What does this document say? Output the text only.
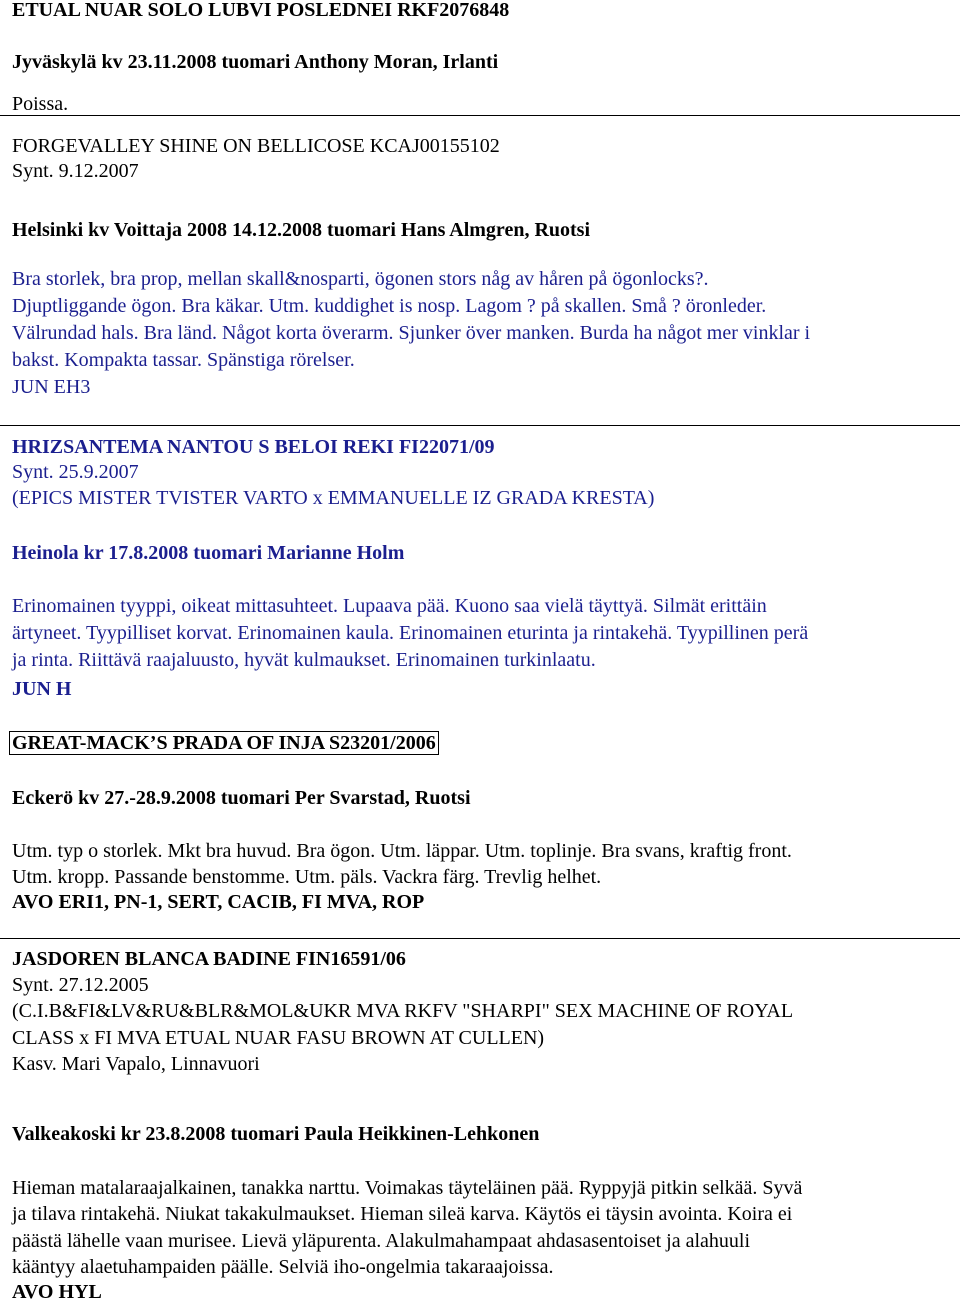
ETUAL NUAR SOLO LUBVI POSLEDNEI RKF2076848

Jyväskylä kv 23.11.2008 tuomari Anthony Moran, Irlanti

Poissa.

FORGEVALLEY SHINE ON BELLICOSE KCAJ00155102

Synt. 9.12.2007

Helsinki kv Voittaja 2008 14.12.2008 tuomari Hans Almgren, Ruotsi

Bra storlek, bra prop, mellan skall&nosparti, ögonen stors någ av håren på ögonlocks?.

Djuptliggande ögon. Bra käkar. Utm. kuddighet is nosp. Lagom ? på skallen. Små ? öronleder.

Välrundad hals. Bra länd. Något korta överarm. Sjunker över manken. Burda ha något mer vinklar i

bakst. Kompakta tassar. Spänstiga rörelser.

JUN EH3

HRIZSANTEMA NANTOU S BELOI REKI FI22071/09

Synt. 25.9.2007

(EPICS MISTER TVISTER VARTO x EMMANUELLE IZ GRADA KRESTA)

Heinola kr 17.8.2008 tuomari Marianne Holm

Erinomainen tyyppi, oikeat mittasuhteet. Lupaava pää. Kuono saa vielä täyttyä. Silmät erittäin

ärtyneet. Tyypilliset korvat. Erinomainen kaula. Erinomainen eturinta ja rintakehä. Tyypillinen perä

ja rinta. Riittävä raajaluusto, hyvät kulmaukset. Erinomainen turkinlaatu.

JUN H

GREAT-MACK’S PRADA OF INJA S23201/2006

Eckerö kv 27.-28.9.2008 tuomari Per Svarstad, Ruotsi

Utm. typ o storlek. Mkt bra huvud. Bra ögon. Utm. läppar. Utm. toplinje. Bra svans, kraftig front.

Utm. kropp. Passande benstomme. Utm. päls. Vackra färg. Trevlig helhet.

AVO ERI1, PN-1, SERT, CACIB, FI MVA, ROP

JASDOREN BLANCA BADINE FIN16591/06

Synt. 27.12.2005

(C.I.B&FI&LV&RU&BLR&MOL&UKR MVA RKFV "SHARPI" SEX MACHINE OF ROYAL

CLASS x FI MVA ETUAL NUAR FASU BROWN AT CULLEN)

Kasv. Mari Vapalo, Linnavuori

Valkeakoski kr 23.8.2008 tuomari Paula Heikkinen-Lehkonen

Hieman matalaraajalkainen, tanakka narttu. Voimakas täyteläinen pää. Ryppyjä pitkin selkää. Syvä

ja tilava rintakehä. Niukat takakulmaukset. Hieman sileä karva. Käytös ei täysin avointa. Koira ei

päästä lähelle vaan murisee. Lievä yläpurenta. Alakulmahampaat ahdasasentoiset ja alahuuli

kääntyy alaetuhampaiden päälle. Selviä iho-ongelmia takaraajoissa.

AVO HYL
